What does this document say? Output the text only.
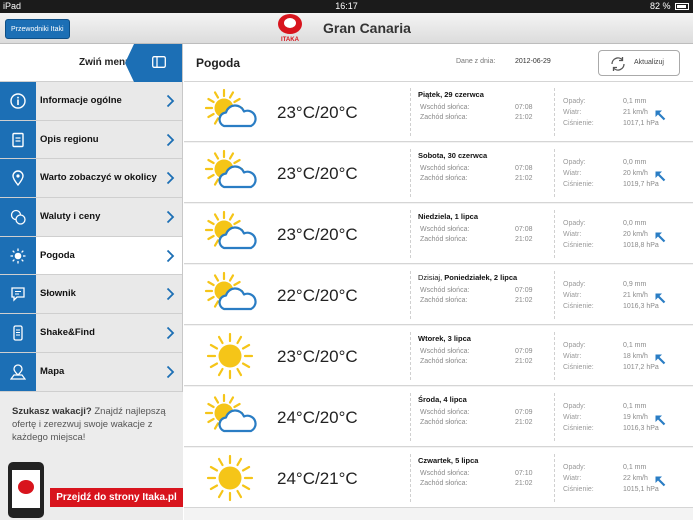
iPad	16:17	82 %
Przewodniki Itaki
ITAKA
Gran Canaria
Zwiń menu
Informacje ogólne
Opis regionu
Warto zobaczyć w okolicy
Waluty i ceny
Pogoda
Słownik
Shake&Find
Mapa
Szukasz wakacji? Znajdź najlepszą ofertę i zerezwuj swoje wakacje z każdego miejsca!
Przejdź do strony Itaka.pl
Pogoda	Dane z dnia:	2012-06-29	Aktualizuj
23°C/20°C
Piątek, 29 czerwca
Wschód słońca:	07:08
Zachód słońca:	21:02
Opady:	0,1 mm
Wiatr:	21 km/h
Ciśnienie:	1017,1 hPa
23°C/20°C
Sobota, 30 czerwca
Wschód słońca:	07:08
Zachód słońca:	21:02
Opady:	0,0 mm
Wiatr:	20 km/h
Ciśnienie:	1019,7 hPa
23°C/20°C
Niedziela, 1 lipca
Wschód słońca:	07:08
Zachód słońca:	21:02
Opady:	0,0 mm
Wiatr:	20 km/h
Ciśnienie:	1018,8 hPa
22°C/20°C
Dzisiaj, Poniedziałek, 2 lipca
Wschód słońca:	07:09
Zachód słońca:	21:02
Opady:	0,9 mm
Wiatr:	21 km/h
Ciśnienie:	1016,3 hPa
23°C/20°C
Wtorek, 3 lipca
Wschód słońca:	07:09
Zachód słońca:	21:02
Opady:	0,1 mm
Wiatr:	18 km/h
Ciśnienie:	1017,2 hPa
24°C/20°C
Środa, 4 lipca
Wschód słońca:	07:09
Zachód słońca:	21:02
Opady:	0,1 mm
Wiatr:	19 km/h
Ciśnienie:	1016,3 hPa
24°C/21°C
Czwartek, 5 lipca
Wschód słońca:	07:10
Zachód słońca:	21:02
Opady:	0,1 mm
Wiatr:	22 km/h
Ciśnienie:	1015,1 hPa
